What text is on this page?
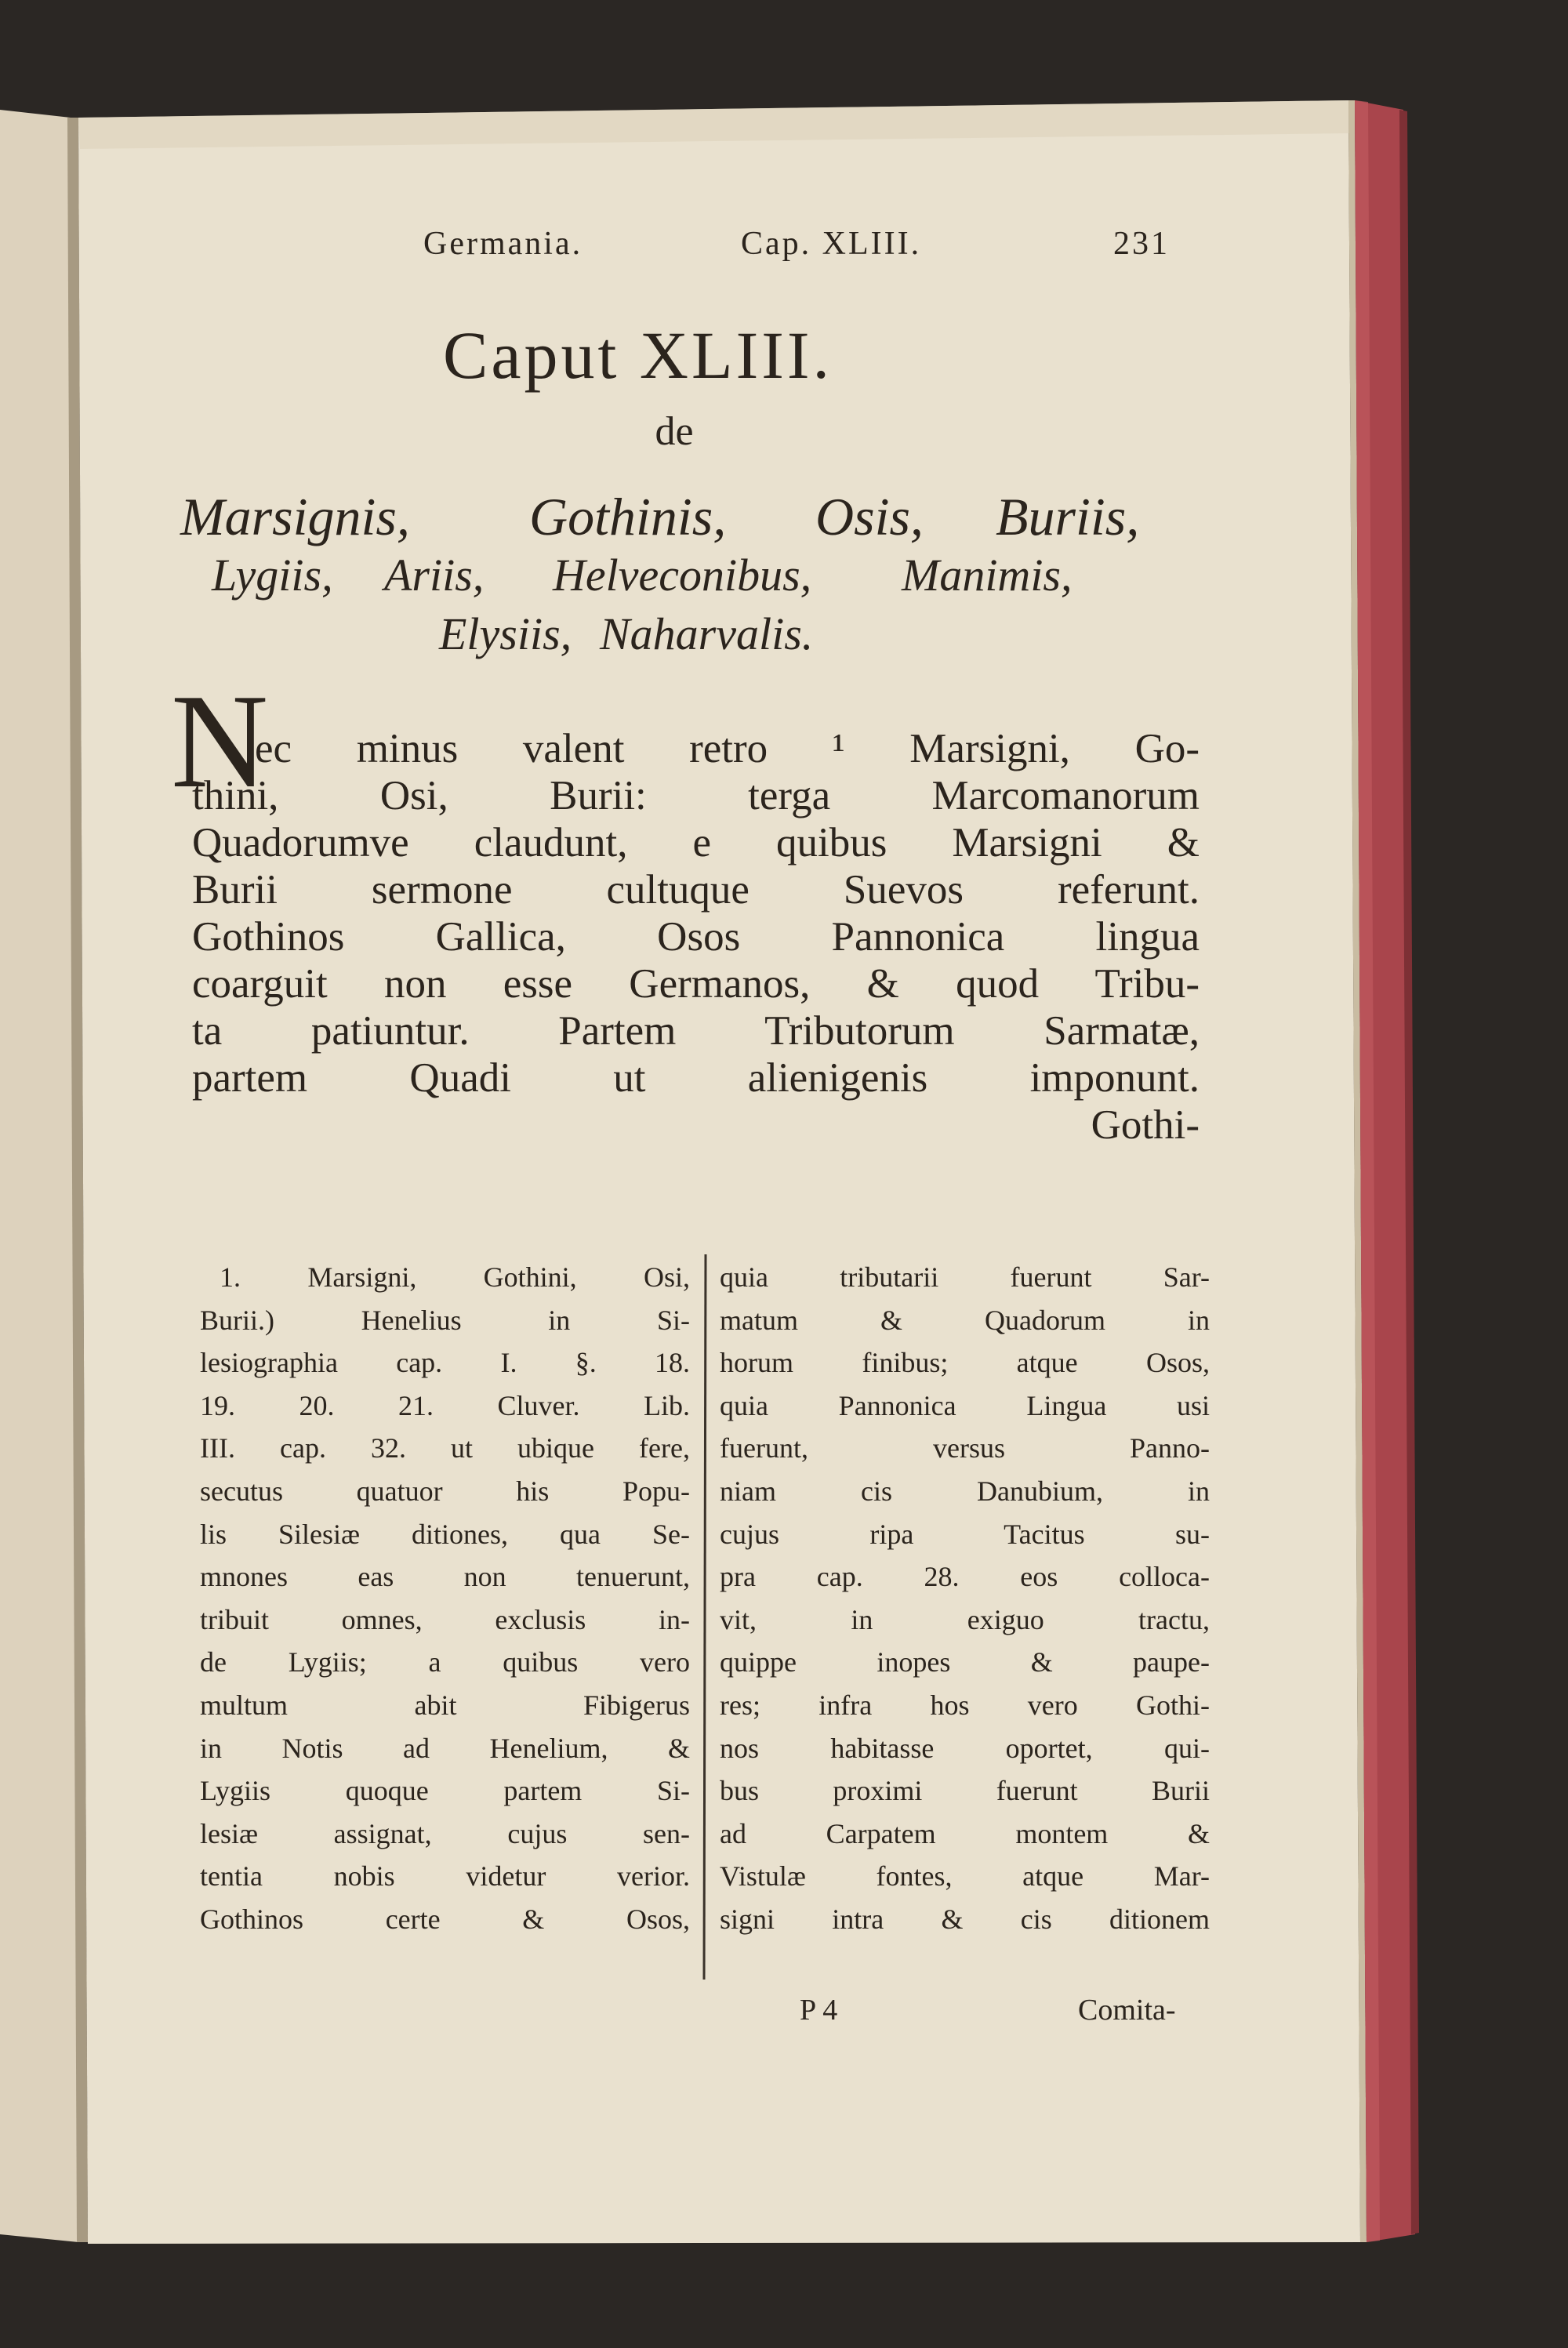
Germania.	Cap. XLIII.	231

Caput XLIII.

de

Marsignis, Gothinis, Osis, Buriis,

Lygiis, Ariis, Helveconibus, Manimis,

Elysiis, Naharvalis.

N
ec minus valent retro ¹ Marsigni, Go-
thini, Osi, Burii: terga Marcomanorum
Quadorumve claudunt, e quibus Marsigni &
Burii sermone cultuque Suevos referunt.
Gothinos Gallica, Osos Pannonica lingua
coarguit non esse Germanos, & quod Tribu-
ta patiuntur. Partem Tributorum Sarmatæ,
partem Quadi ut alienigenis imponunt.
Gothi-
1. Marsigni, Gothini, Osi,
Burii.) Henelius in Si-
lesiographia cap. I. §. 18.
19. 20. 21. Cluver. Lib.
III. cap. 32. ut ubique fere,
secutus quatuor his Popu-
lis Silesiæ ditiones, qua Se-
mnones eas non tenuerunt,
tribuit omnes, exclusis in-
de Lygiis; a quibus vero
multum abit Fibigerus
in Notis ad Henelium, &
Lygiis quoque partem Si-
lesiæ assignat, cujus sen-
tentia nobis videtur verior.
Gothinos certe & Osos,
quia tributarii fuerunt Sar-
matum & Quadorum in
horum finibus; atque Osos,
quia Pannonica Lingua usi
fuerunt, versus Panno-
niam cis Danubium, in
cujus ripa Tacitus su-
pra cap. 28. eos colloca-
vit, in exiguo tractu,
quippe inopes & paupe-
res; infra hos vero Gothi-
nos habitasse oportet, qui-
bus proximi fuerunt Burii
ad Carpatem montem &
Vistulæ fontes, atque Mar-
signi intra & cis ditionem

P 4	Comita-
